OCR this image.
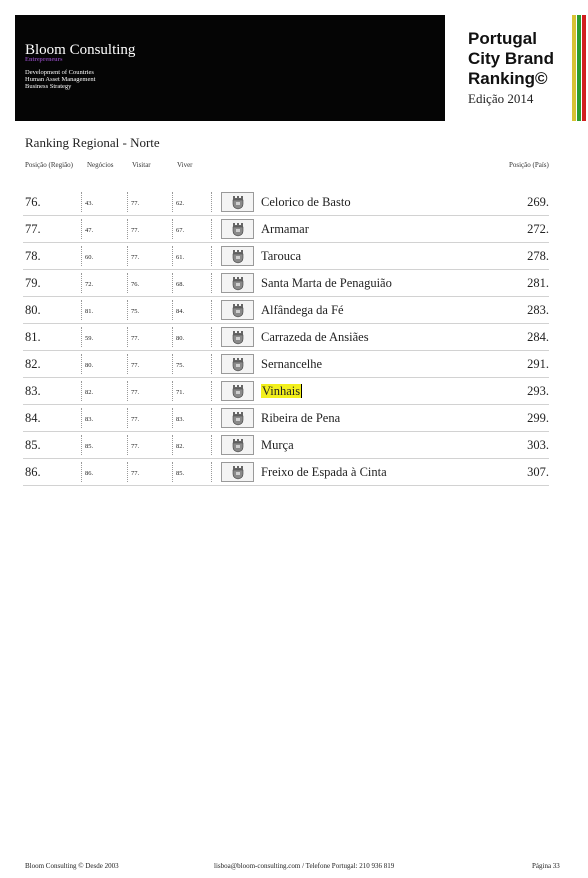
Bloom Consulting
Entrepreneurs
Development of Countries
Human Asset Management
Business Strategy
Portugal
City Brand
Ranking©
Edição 2014
Ranking Regional - Norte
Posição (Região) Negócios	Visitar	Viver	Posição (País)
76.	43.	77.	62.	Celorico de Basto	269.
77.	47.	77.	67.	Armamar	272.
78.	60.	77.	61.	Tarouca	278.
79.	72.	76.	68.	Santa Marta de Penaguião	281.
80.	81.	75.	84.	Alfândega da Fé	283.
81.	59.	77.	80.	Carrazeda de Ansiães	284.
82.	80.	77.	75.	Sernancelhe	291.
83.	82.	77.	71.	Vinhais	293.
84.	83.	77.	83.	Ribeira de Pena	299.
85.	85.	77.	82.	Murça	303.
86.	86.	77.	85.	Freixo de Espada à Cinta	307.
Bloom Consulting © Desde 2003	lisboa@bloom-consulting.com / Telefone Portugal: 210 936 819	Página 33
